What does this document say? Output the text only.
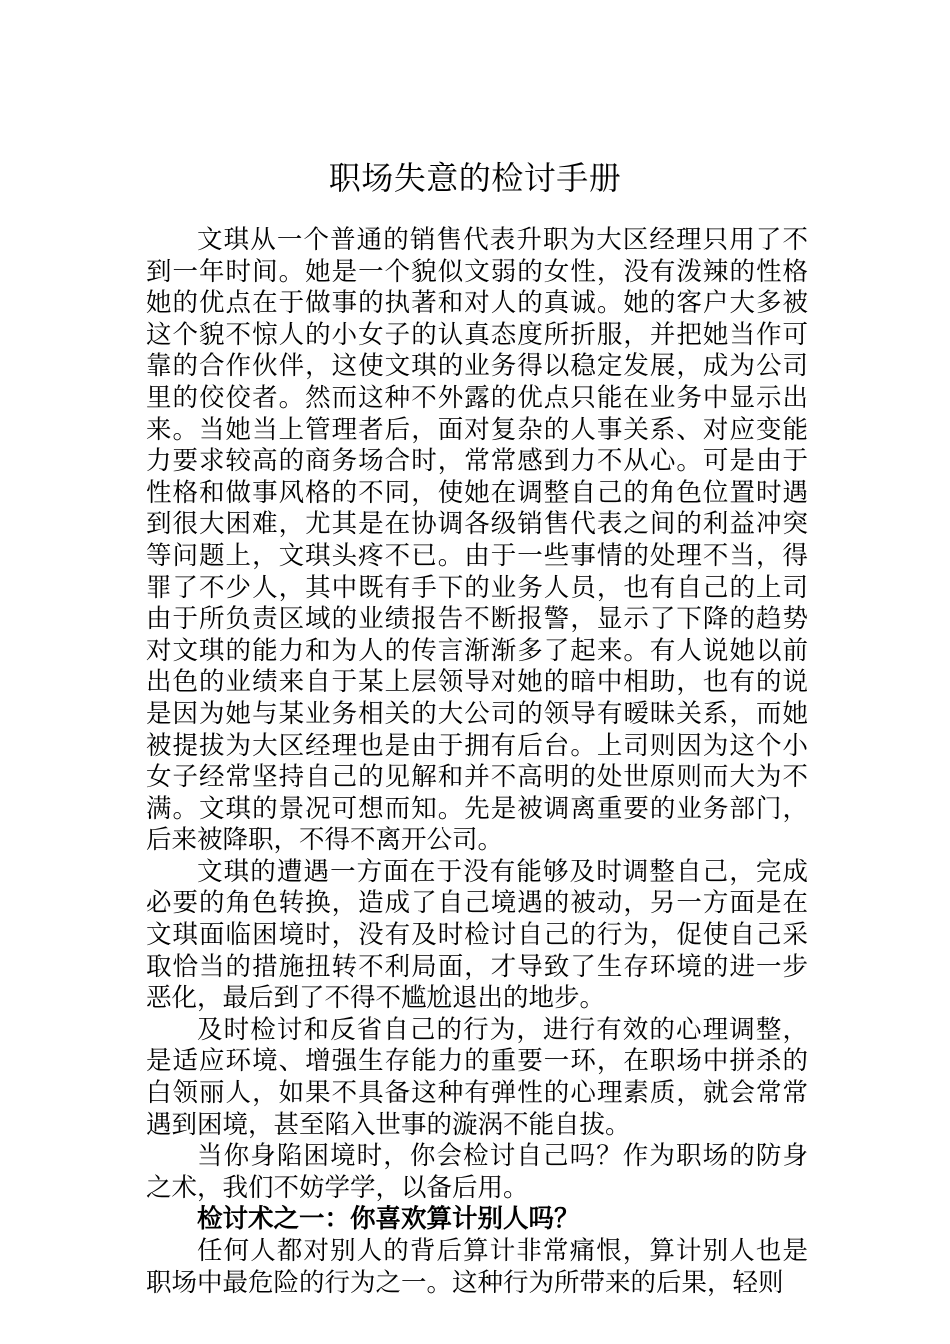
职场失意的检讨手册

文琪从一个普通的销售代表升职为大区经理只用了不到一年时间。她是一个貌似文弱的女性，没有泼辣的性格她的优点在于做事的执著和对人的真诚。她的客户大多被这个貌不惊人的小女子的认真态度所折服，并把她当作可靠的合作伙伴，这使文琪的业务得以稳定发展，成为公司里的佼佼者。然而这种不外露的优点只能在业务中显示出来。当她当上管理者后，面对复杂的人事关系、对应变能力要求较高的商务场合时，常常感到力不从心。可是由于性格和做事风格的不同，使她在调整自己的角色位置时遇到很大困难，尤其是在协调各级销售代表之间的利益冲突等问题上，文琪头疼不已。由于一些事情的处理不当，得罪了不少人，其中既有手下的业务人员，也有自己的上司由于所负责区域的业绩报告不断报警，显示了下降的趋势对文琪的能力和为人的传言渐渐多了起来。有人说她以前出色的业绩来自于某上层领导对她的暗中相助，也有的说是因为她与某业务相关的大公司的领导有暧昧关系，而她被提拔为大区经理也是由于拥有后台。上司则因为这个小女子经常坚持自己的见解和并不高明的处世原则而大为不满。文琪的景况可想而知。先是被调离重要的业务部门，后来被降职，不得不离开公司。

文琪的遭遇一方面在于没有能够及时调整自己，完成必要的角色转换，造成了自己境遇的被动，另一方面是在文琪面临困境时，没有及时检讨自己的行为，促使自己采取恰当的措施扭转不利局面，才导致了生存环境的进一步恶化，最后到了不得不尴尬退出的地步。

及时检讨和反省自己的行为，进行有效的心理调整，是适应环境、增强生存能力的重要一环，在职场中拼杀的白领丽人，如果不具备这种有弹性的心理素质，就会常常遇到困境，甚至陷入世事的漩涡不能自拔。

当你身陷困境时，你会检讨自己吗？作为职场的防身之术，我们不妨学学，以备后用。

检讨术之一：你喜欢算计别人吗？

任何人都对别人的背后算计非常痛恨，算计别人也是职场中最危险的行为之一。这种行为所带来的后果，轻则
